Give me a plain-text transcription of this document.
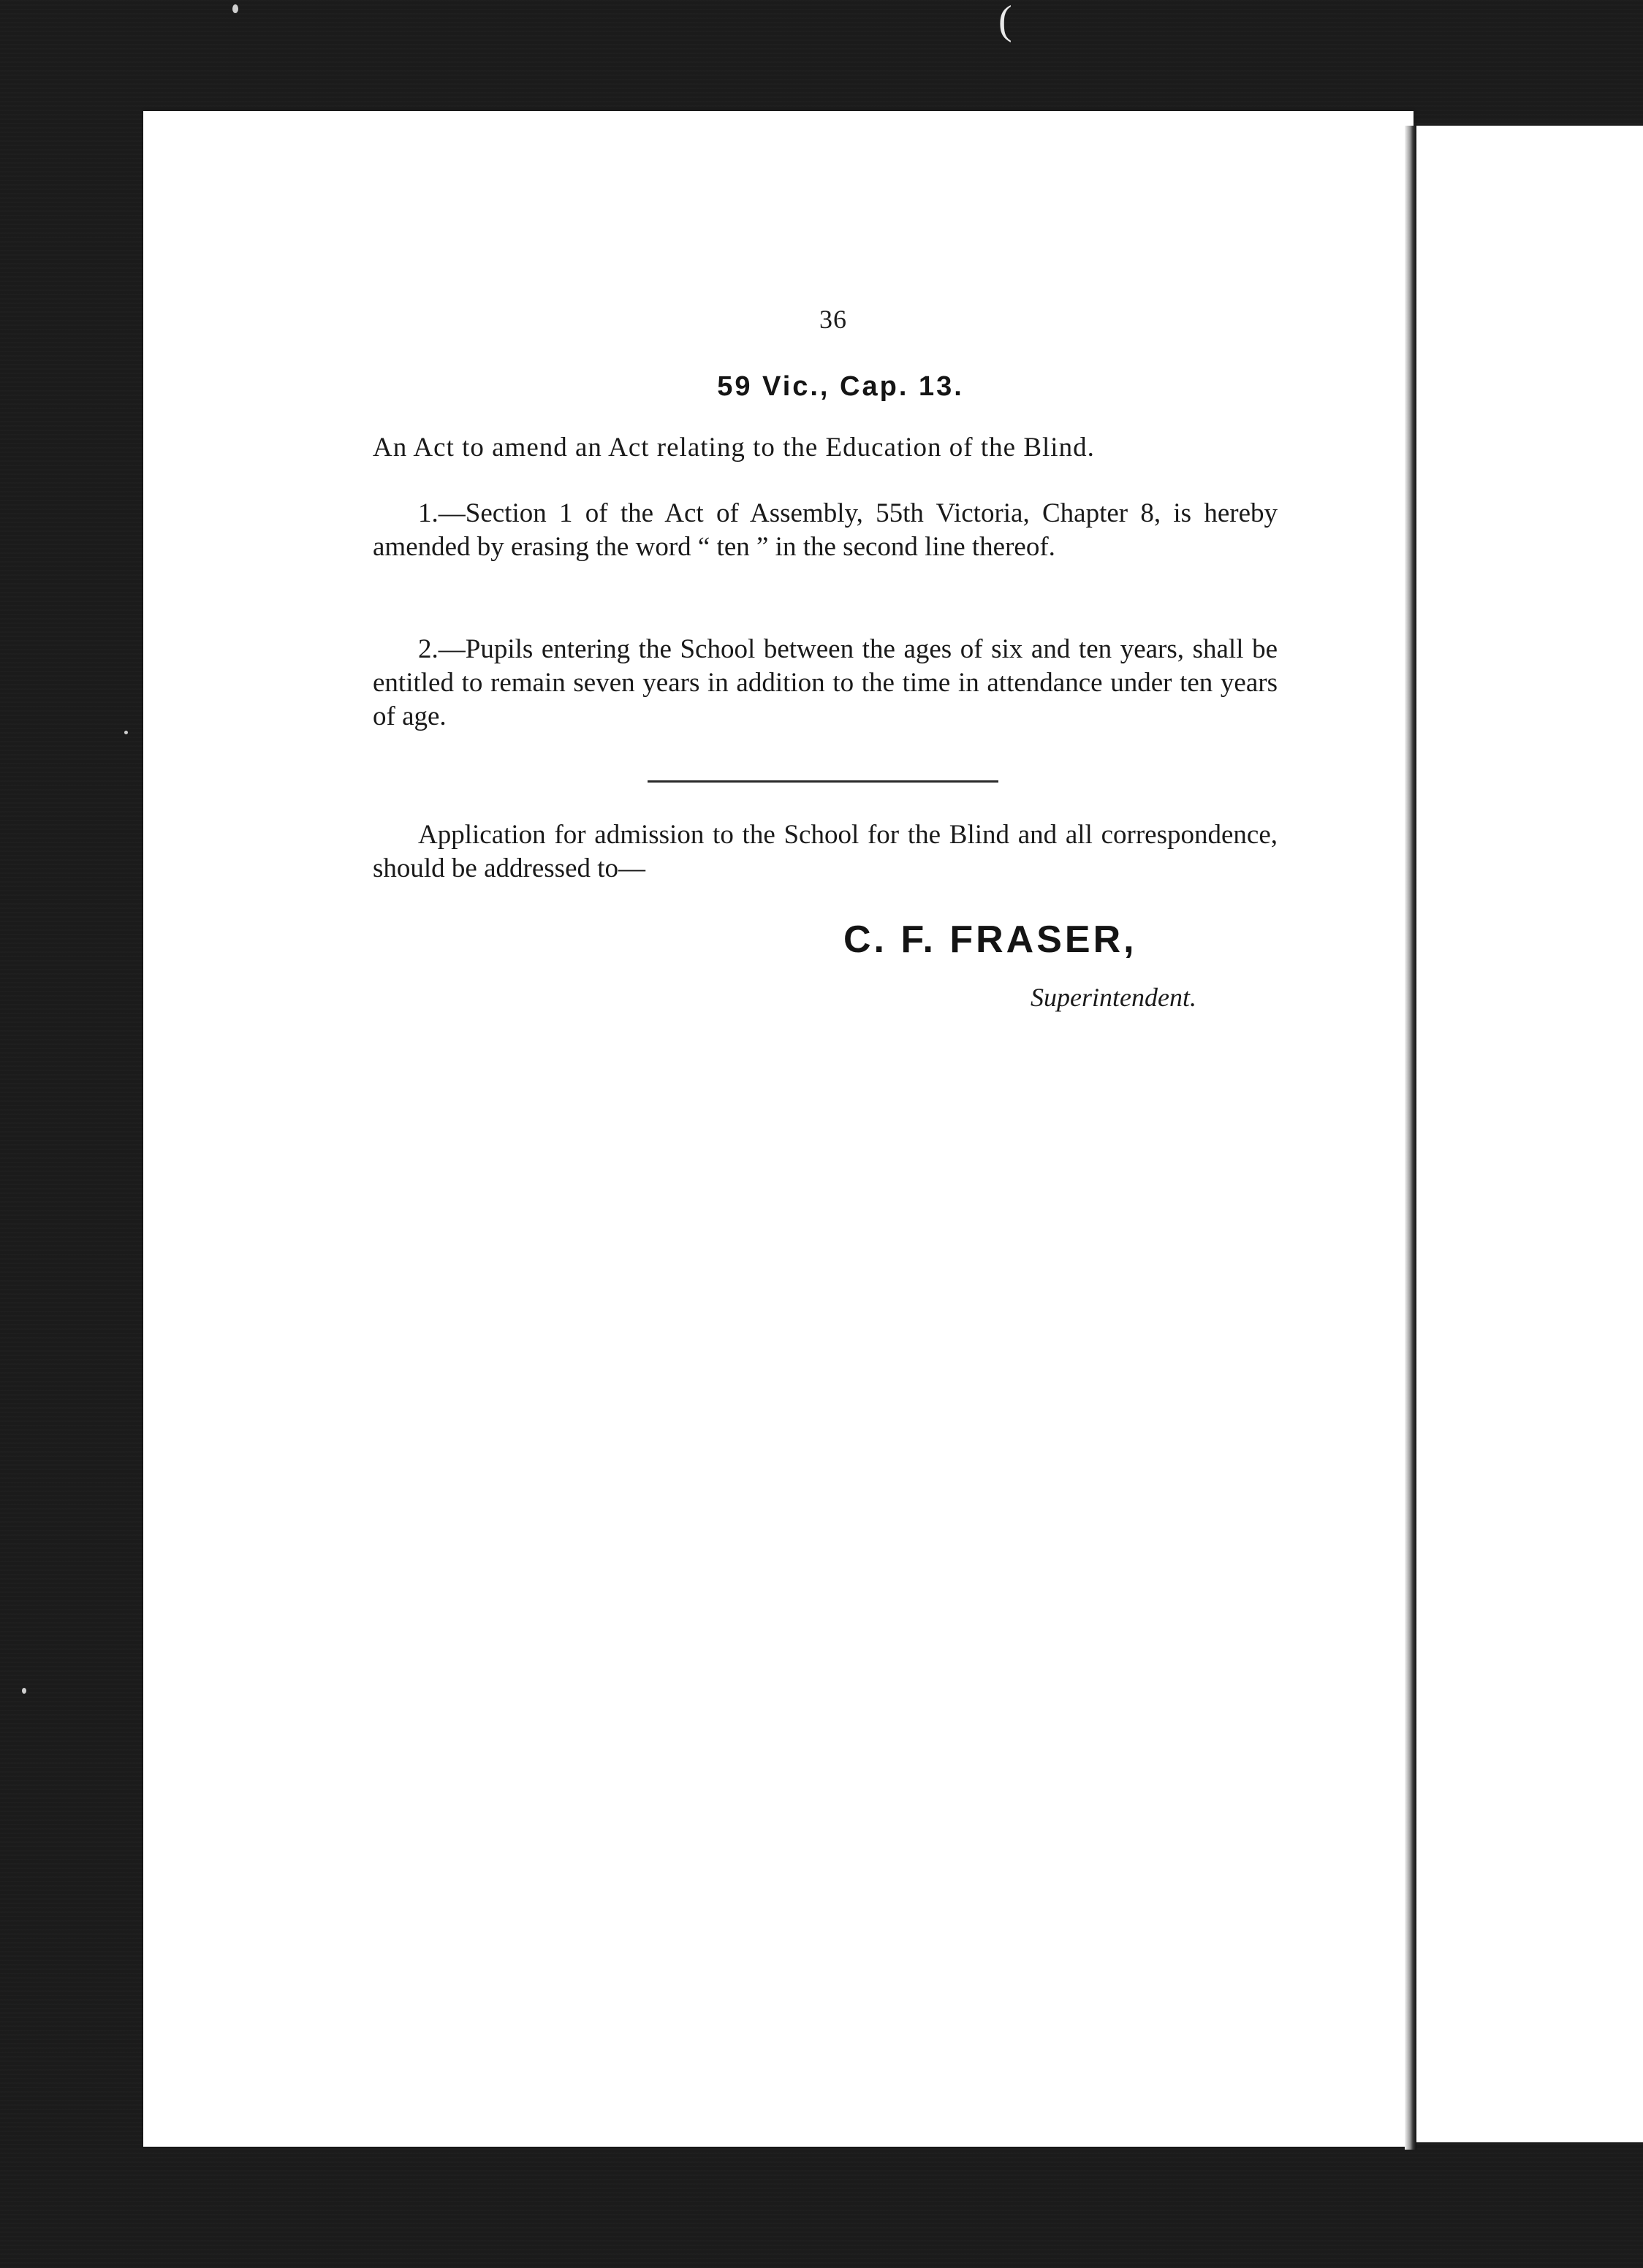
(
36
59 Vic., Cap. 13.

An Act to amend an Act relating to the Education of the Blind.

1.—Section 1 of the Act of Assembly, 55th Victoria, Chapter 8, is hereby amended by erasing the word “ ten ” in the second line thereof.

2.—Pupils entering the School between the ages of six and ten years, shall be entitled to remain seven years in addition to the time in attendance under ten years of age.

Application for admission to the School for the Blind and all correspondence, should be addressed to—

C. F. FRASER,
Superintendent.
